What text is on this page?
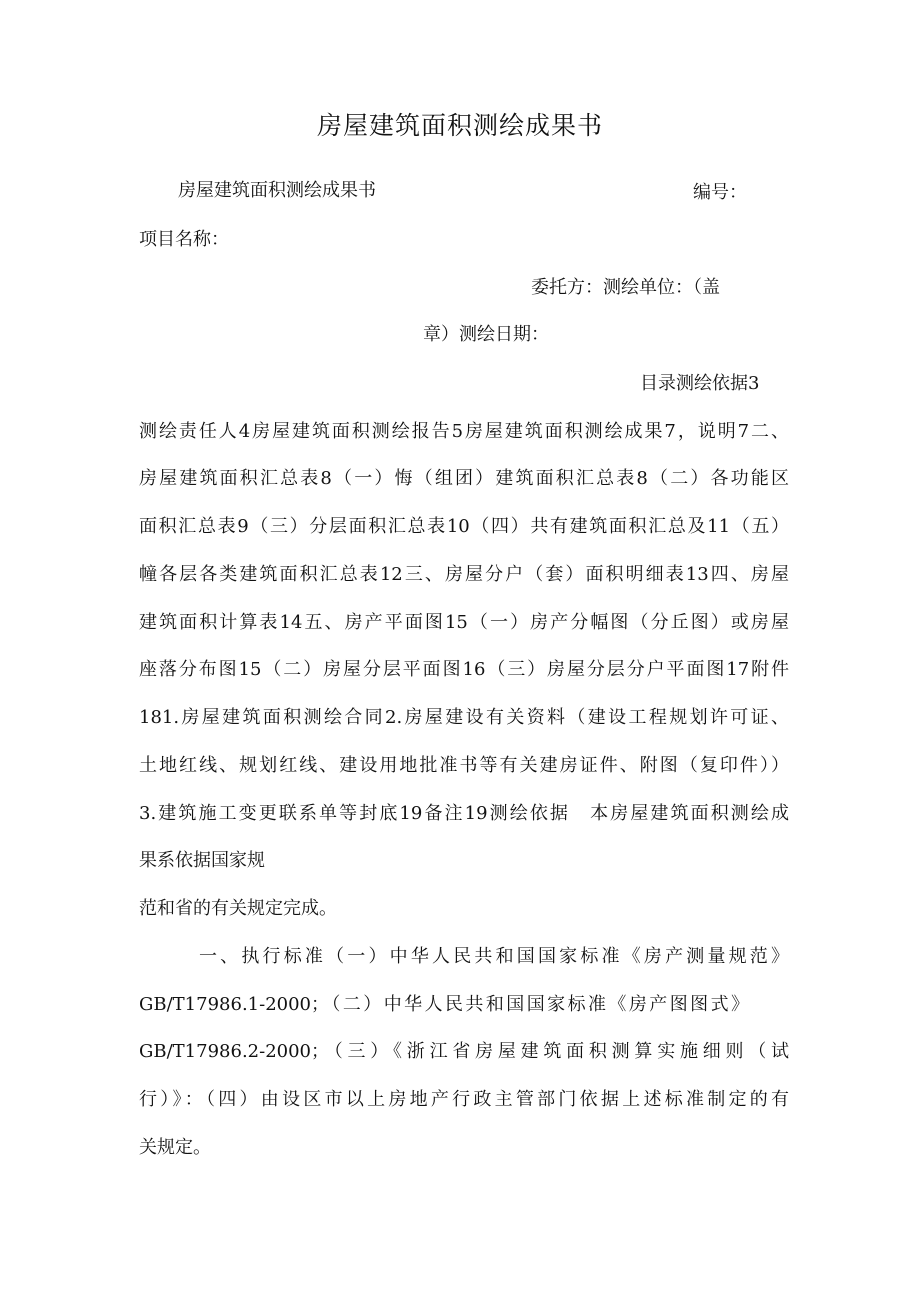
房屋建筑面积测绘成果书
房屋建筑面积测绘成果书	编号：
项目名称：
委托方：测绘单位：（盖
章）测绘日期：
目录测绘依据3
测绘责任人4房屋建筑面积测绘报告5房屋建筑面积测绘成果7，说明7二、
房屋建筑面积汇总表8（一）悔（组团）建筑面积汇总表8（二）各功能区
面积汇总表9（三）分层面积汇总表10（四）共有建筑面积汇总及11（五）
幢各层各类建筑面积汇总表12三、房屋分户（套）面积明细表13四、房屋
建筑面积计算表14五、房产平面图15（一）房产分幅图（分丘图）或房屋
座落分布图15（二）房屋分层平面图16（三）房屋分层分户平面图17附件
181.房屋建筑面积测绘合同2.房屋建设有关资料（建设工程规划许可证、
土地红线、规划红线、建设用地批准书等有关建房证件、附图（复印件））
3.建筑施工变更联系单等封底19备注19测绘依据　本房屋建筑面积测绘成
果系依据国家规
范和省的有关规定完成。
一、执行标准（一）中华人民共和国国家标准《房产测量规范》
GB/T17986.1-2000；（二）中华人民共和国国家标准《房产图图式》
GB/T17986.2-2000；（三）《浙江省房屋建筑面积测算实施细则（试
行）》：（四）由设区市以上房地产行政主管部门依据上述标准制定的有
关规定。
